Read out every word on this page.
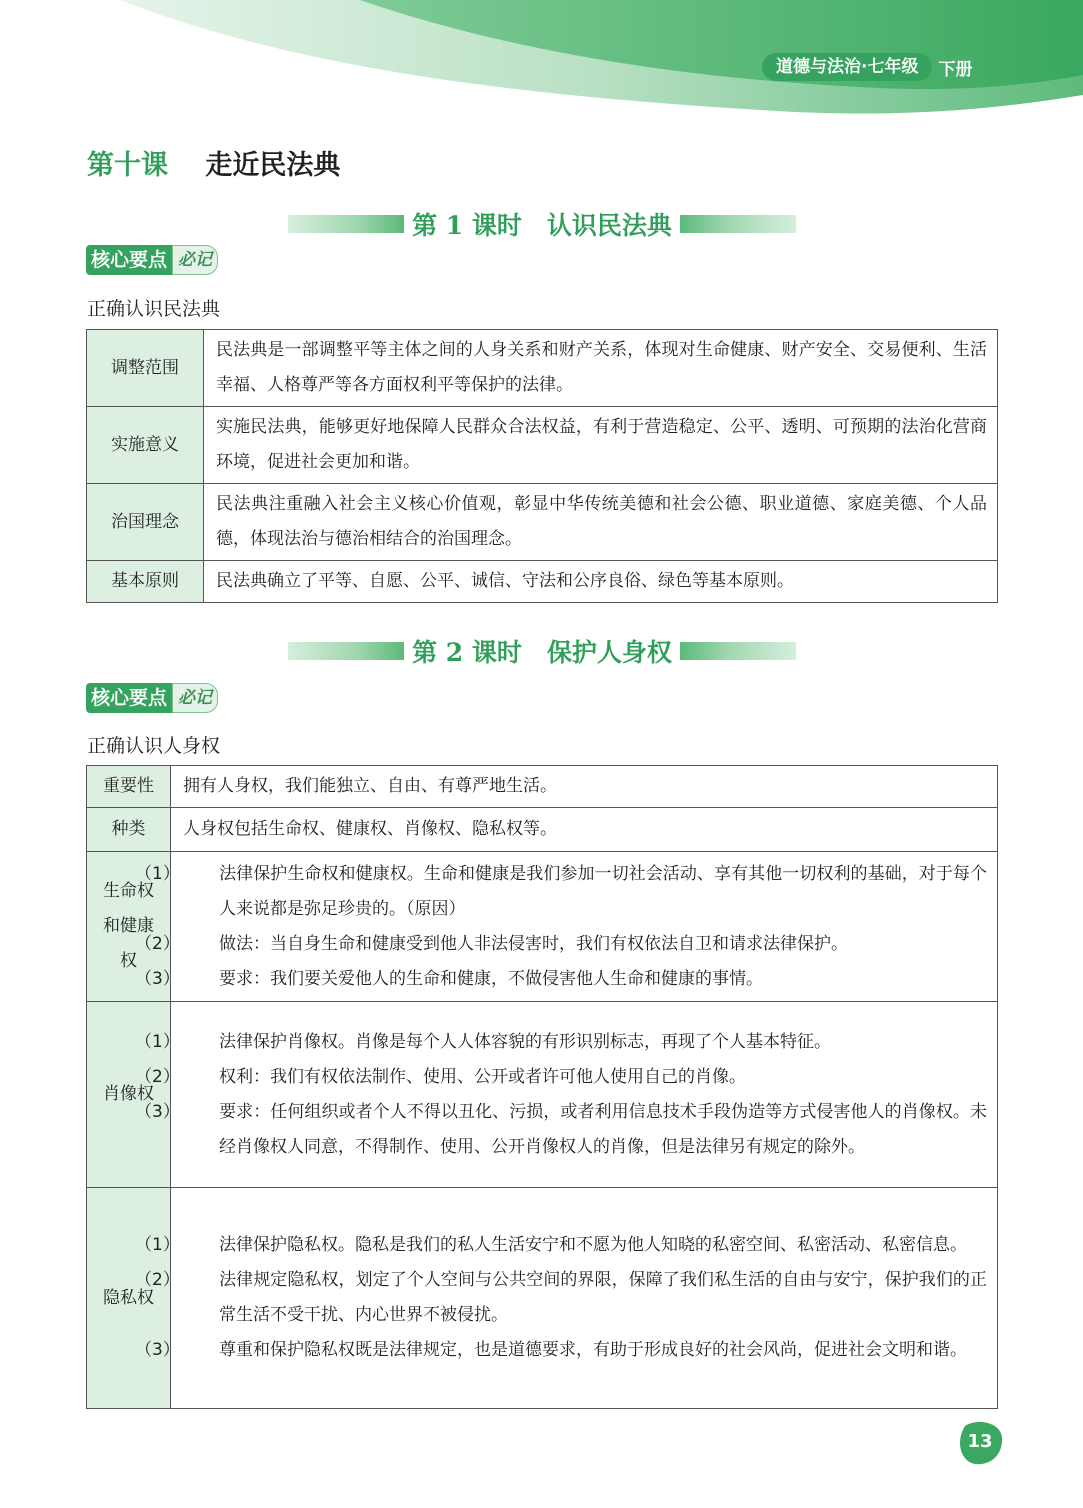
道德与法治·七年级	下册
第十课 走近民法典
第 1 课时　认识民法典
核心要点 必记
正确认识民法典
调整范围	民法典是一部调整平等主体之间的人身关系和财产关系，体现对生命健康、财产安全、交易便利、生活幸福、人格尊严等各方面权利平等保护的法律。
实施意义	实施民法典，能够更好地保障人民群众合法权益，有利于营造稳定、公平、透明、可预期的法治化营商环境，促进社会更加和谐。
治国理念	民法典注重融入社会主义核心价值观，彰显中华传统美德和社会公德、职业道德、家庭美德、个人品德，体现法治与德治相结合的治国理念。
基本原则	民法典确立了平等、自愿、公平、诚信、守法和公序良俗、绿色等基本原则。
第 2 课时　保护人身权
核心要点 必记
正确认识人身权
重要性	拥有人身权，我们能独立、自由、有尊严地生活。
种类	人身权包括生命权、健康权、肖像权、隐私权等。
生命权和健康权	（1） 法律保护生命权和健康权。生命和健康是我们参加一切社会活动、享有其他一切权利的基础，对于每个人来说都是弥足珍贵的。（原因）
（2） 做法：当自身生命和健康受到他人非法侵害时，我们有权依法自卫和请求法律保护。
（3） 要求：我们要关爱他人的生命和健康，不做侵害他人生命和健康的事情。

肖像权	（1） 法律保护肖像权。肖像是每个人人体容貌的有形识别标志，再现了个人基本特征。
（2） 权利：我们有权依法制作、使用、公开或者许可他人使用自己的肖像。
（3） 要求：任何组织或者个人不得以丑化、污损，或者利用信息技术手段伪造等方式侵害他人的肖像权。未经肖像权人同意，不得制作、使用、公开肖像权人的肖像，但是法律另有规定的除外。

隐私权	（1） 法律保护隐私权。隐私是我们的私人生活安宁和不愿为他人知晓的私密空间、私密活动、私密信息。
（2） 法律规定隐私权，划定了个人空间与公共空间的界限，保障了我们私生活的自由与安宁，保护我们的正常生活不受干扰、内心世界不被侵扰。
（3） 尊重和保护隐私权既是法律规定，也是道德要求，有助于形成良好的社会风尚，促进社会文明和谐。
13
